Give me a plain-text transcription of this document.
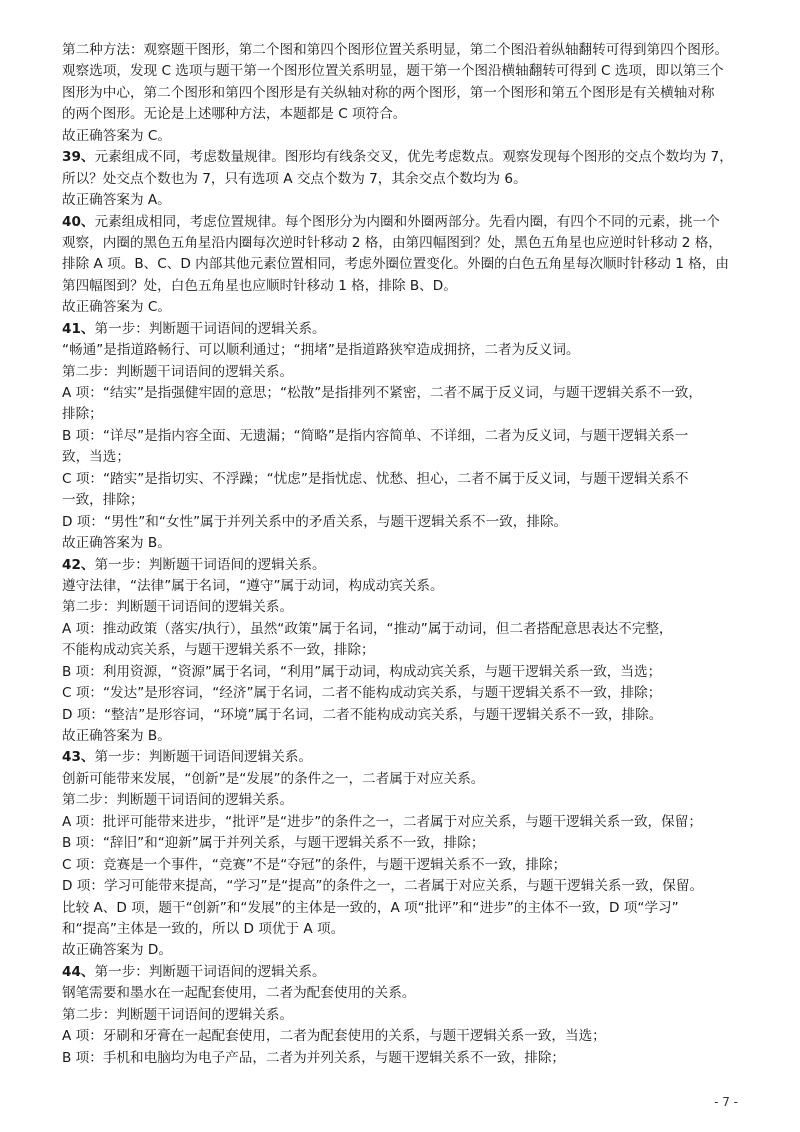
第二种方法：观察题干图形，第二个图和第四个图形位置关系明显，第二个图沿着纵轴翻转可得到第四个图形。
观察选项，发现 C 选项与题干第一个图形位置关系明显，题干第一个图沿横轴翻转可得到 C 选项，即以第三个
图形为中心，第二个图形和第四个图形是有关纵轴对称的两个图形，第一个图形和第五个图形是有关横轴对称
的两个图形。无论是上述哪种方法，本题都是 C 项符合。
故正确答案为 C。
39、元素组成不同，考虑数量规律。图形均有线条交叉，优先考虑数点。观察发现每个图形的交点个数均为 7，
所以？处交点个数也为 7，只有选项 A 交点个数为 7，其余交点个数均为 6。
故正确答案为 A。
40、元素组成相同，考虑位置规律。每个图形分为内圈和外圈两部分。先看内圈，有四个不同的元素，挑一个
观察，内圈的黑色五角星沿内圈每次逆时针移动 2 格，由第四幅图到？处，黑色五角星也应逆时针移动 2 格，
排除 A 项。B、C、D 内部其他元素位置相同，考虑外圈位置变化。外圈的白色五角星每次顺时针移动 1 格，由
第四幅图到？处，白色五角星也应顺时针移动 1 格，排除 B、D。
故正确答案为 C。
41、第一步：判断题干词语间的逻辑关系。
“畅通”是指道路畅行、可以顺利通过；“拥堵”是指道路狭窄造成拥挤，二者为反义词。
第二步：判断题干词语间的逻辑关系。
A 项：“结实”是指强健牢固的意思；“松散”是指排列不紧密，二者不属于反义词，与题干逻辑关系不一致，
排除；
B 项：“详尽”是指内容全面、无遗漏；“简略”是指内容简单、不详细，二者为反义词，与题干逻辑关系一
致，当选；
C 项：“踏实”是指切实、不浮躁；“忧虑”是指忧虑、忧愁、担心，二者不属于反义词，与题干逻辑关系不
一致，排除；
D 项：“男性”和“女性”属于并列关系中的矛盾关系，与题干逻辑关系不一致，排除。
故正确答案为 B。
42、第一步：判断题干词语间的逻辑关系。
遵守法律，“法律”属于名词，“遵守”属于动词，构成动宾关系。
第二步：判断题干词语间的逻辑关系。
A 项：推动政策（落实/执行），虽然“政策”属于名词，“推动”属于动词，但二者搭配意思表达不完整，
不能构成动宾关系，与题干逻辑关系不一致，排除；
B 项：利用资源，“资源”属于名词，“利用”属于动词，构成动宾关系，与题干逻辑关系一致，当选；
C 项：“发达”是形容词，“经济”属于名词，二者不能构成动宾关系，与题干逻辑关系不一致，排除；
D 项：“整洁”是形容词，“环境”属于名词，二者不能构成动宾关系，与题干逻辑关系不一致，排除。
故正确答案为 B。
43、第一步：判断题干词语间逻辑关系。
创新可能带来发展，“创新”是“发展”的条件之一，二者属于对应关系。
第二步：判断题干词语间的逻辑关系。
A 项：批评可能带来进步，“批评”是“进步”的条件之一，二者属于对应关系，与题干逻辑关系一致，保留；
B 项：“辞旧”和“迎新”属于并列关系，与题干逻辑关系不一致，排除；
C 项：竞赛是一个事件，“竞赛”不是“夺冠”的条件，与题干逻辑关系不一致，排除；
D 项：学习可能带来提高，“学习”是“提高”的条件之一，二者属于对应关系，与题干逻辑关系一致，保留。
比较 A、D 项，题干“创新”和“发展”的主体是一致的，A 项“批评”和“进步”的主体不一致，D 项“学习”
和“提高”主体是一致的，所以 D 项优于 A 项。
故正确答案为 D。
44、第一步：判断题干词语间的逻辑关系。
钢笔需要和墨水在一起配套使用，二者为配套使用的关系。
第二步：判断题干词语间的逻辑关系。
A 项：牙刷和牙膏在一起配套使用，二者为配套使用的关系，与题干逻辑关系一致，当选；
B 项：手机和电脑均为电子产品，二者为并列关系，与题干逻辑关系不一致，排除；
- 7 -
